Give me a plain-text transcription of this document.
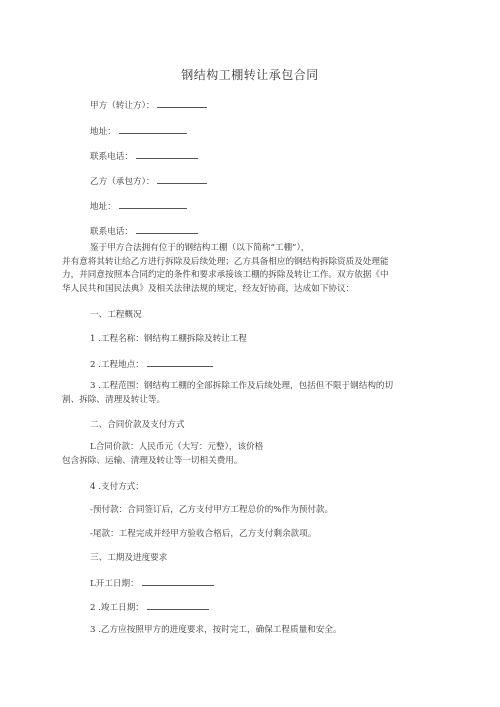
钢结构工棚转让承包合同
甲方（转让方）：
地址：
联系电话：
乙方（承包方）：
地址：
联系电话：
鉴于甲方合法拥有位于的钢结构工棚（以下简称“工棚”），
并有意将其转让给乙方进行拆除及后续处理；乙方具备相应的钢结构拆除资质及处理能
力，并同意按照本合同约定的条件和要求承接该工棚的拆除及转让工作。双方依据《中
华人民共和国民法典》及相关法律法规的规定，经友好协商，达成如下协议：
一、工程概况
1 .工程名称：钢结构工棚拆除及转让工程
2 .工程地点：
3 .工程范围：钢结构工棚的全部拆除工作及后续处理，包括但不限于钢结构的切
割、拆除、清理及转让等。
二、合同价款及支付方式
L合同价款：人民币元（大写：元整），该价格
包含拆除、运输、清理及转让等一切相关费用。
4 .支付方式：
-预付款：合同签订后，乙方支付甲方工程总价的%作为预付款。
-尾款：工程完成并经甲方验收合格后，乙方支付剩余款项。
三、工期及进度要求
L开工日期：
2 .竣工日期：
3 .乙方应按照甲方的进度要求，按时完工，确保工程质量和安全。
